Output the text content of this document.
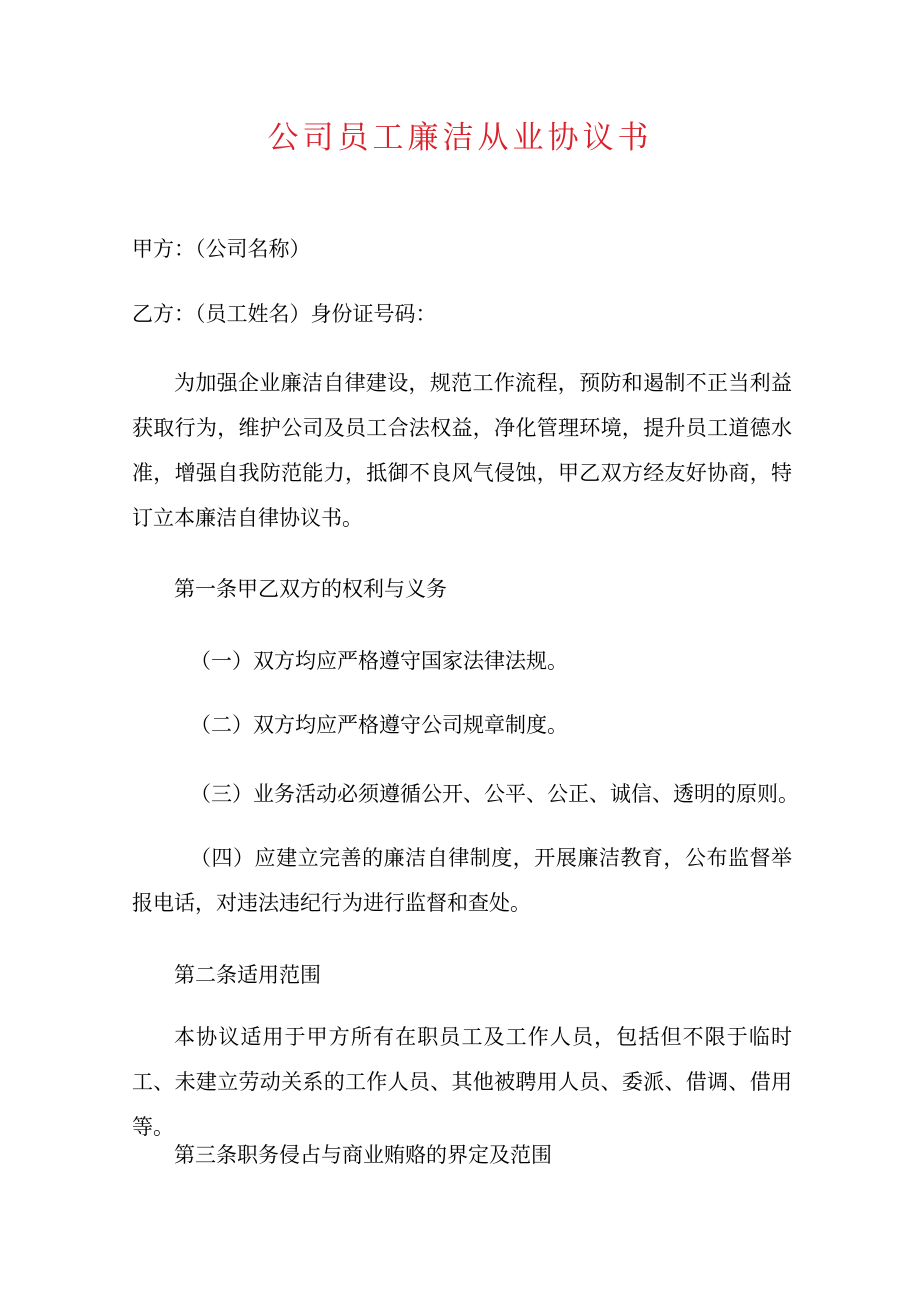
公司员工廉洁从业协议书

甲方：（公司名称）

乙方：（员工姓名）身份证号码：

为加强企业廉洁自律建设，规范工作流程，预防和遏制不正当利益获取行为，维护公司及员工合法权益，净化管理环境，提升员工道德水准，增强自我防范能力，抵御不良风气侵蚀，甲乙双方经友好协商，特订立本廉洁自律协议书。

第一条甲乙双方的权利与义务

（一）双方均应严格遵守国家法律法规。

（二）双方均应严格遵守公司规章制度。

（三）业务活动必须遵循公开、公平、公正、诚信、透明的原则。

（四）应建立完善的廉洁自律制度，开展廉洁教育，公布监督举报电话，对违法违纪行为进行监督和查处。

第二条适用范围

本协议适用于甲方所有在职员工及工作人员，包括但不限于临时工、未建立劳动关系的工作人员、其他被聘用人员、委派、借调、借用等。

第三条职务侵占与商业贿赂的界定及范围
